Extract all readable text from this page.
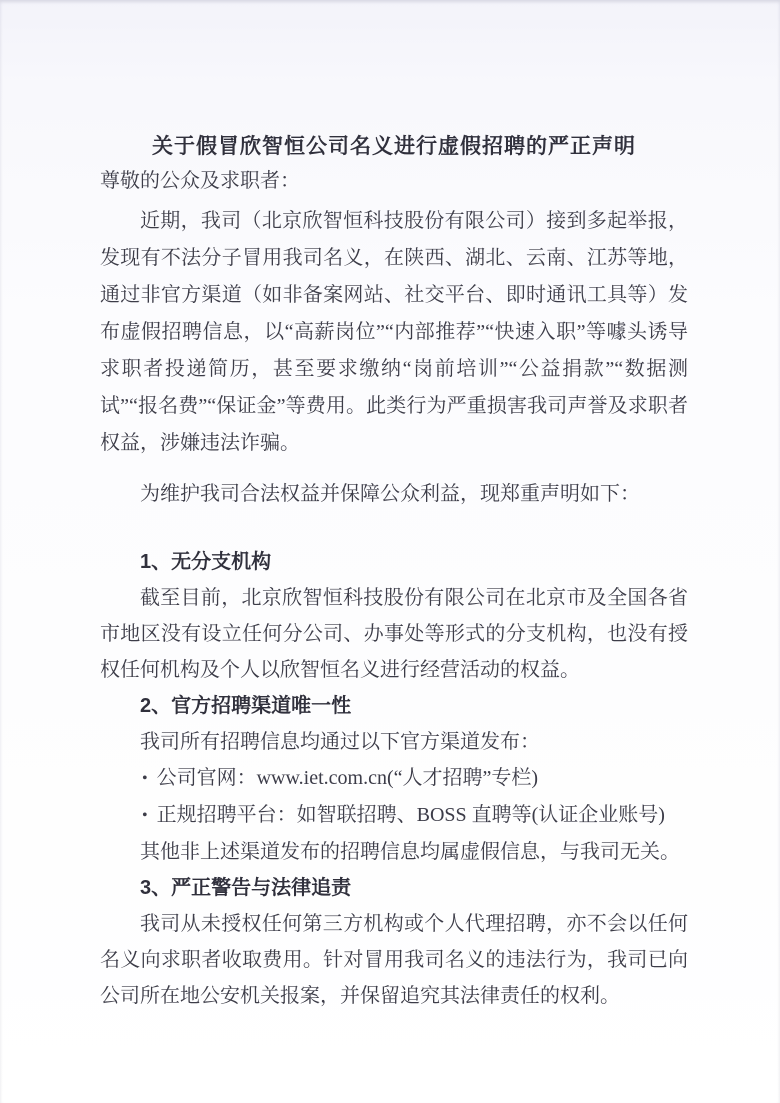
关于假冒欣智恒公司名义进行虚假招聘的严正声明

尊敬的公众及求职者：

近期，我司（北京欣智恒科技股份有限公司）接到多起举报，发现有不法分子冒用我司名义，在陕西、湖北、云南、江苏等地，通过非官方渠道（如非备案网站、社交平台、即时通讯工具等）发布虚假招聘信息，以“高薪岗位”“内部推荐”“快速入职”等噱头诱导求职者投递简历，甚至要求缴纳“岗前培训”“公益捐款”“数据测试”“报名费”“保证金”等费用。此类行为严重损害我司声誉及求职者权益，涉嫌违法诈骗。

为维护我司合法权益并保障公众利益，现郑重声明如下：

1、无分支机构

截至目前，北京欣智恒科技股份有限公司在北京市及全国各省市地区没有设立任何分公司、办事处等形式的分支机构，也没有授权任何机构及个人以欣智恒名义进行经营活动的权益。

2、官方招聘渠道唯一性

我司所有招聘信息均通过以下官方渠道发布：

• 公司官网：www.iet.com.cn(“人才招聘”专栏)
• 正规招聘平台：如智联招聘、BOSS 直聘等(认证企业账号)

其他非上述渠道发布的招聘信息均属虚假信息，与我司无关。

3、严正警告与法律追责

我司从未授权任何第三方机构或个人代理招聘，亦不会以任何名义向求职者收取费用。针对冒用我司名义的违法行为，我司已向公司所在地公安机关报案，并保留追究其法律责任的权利。
